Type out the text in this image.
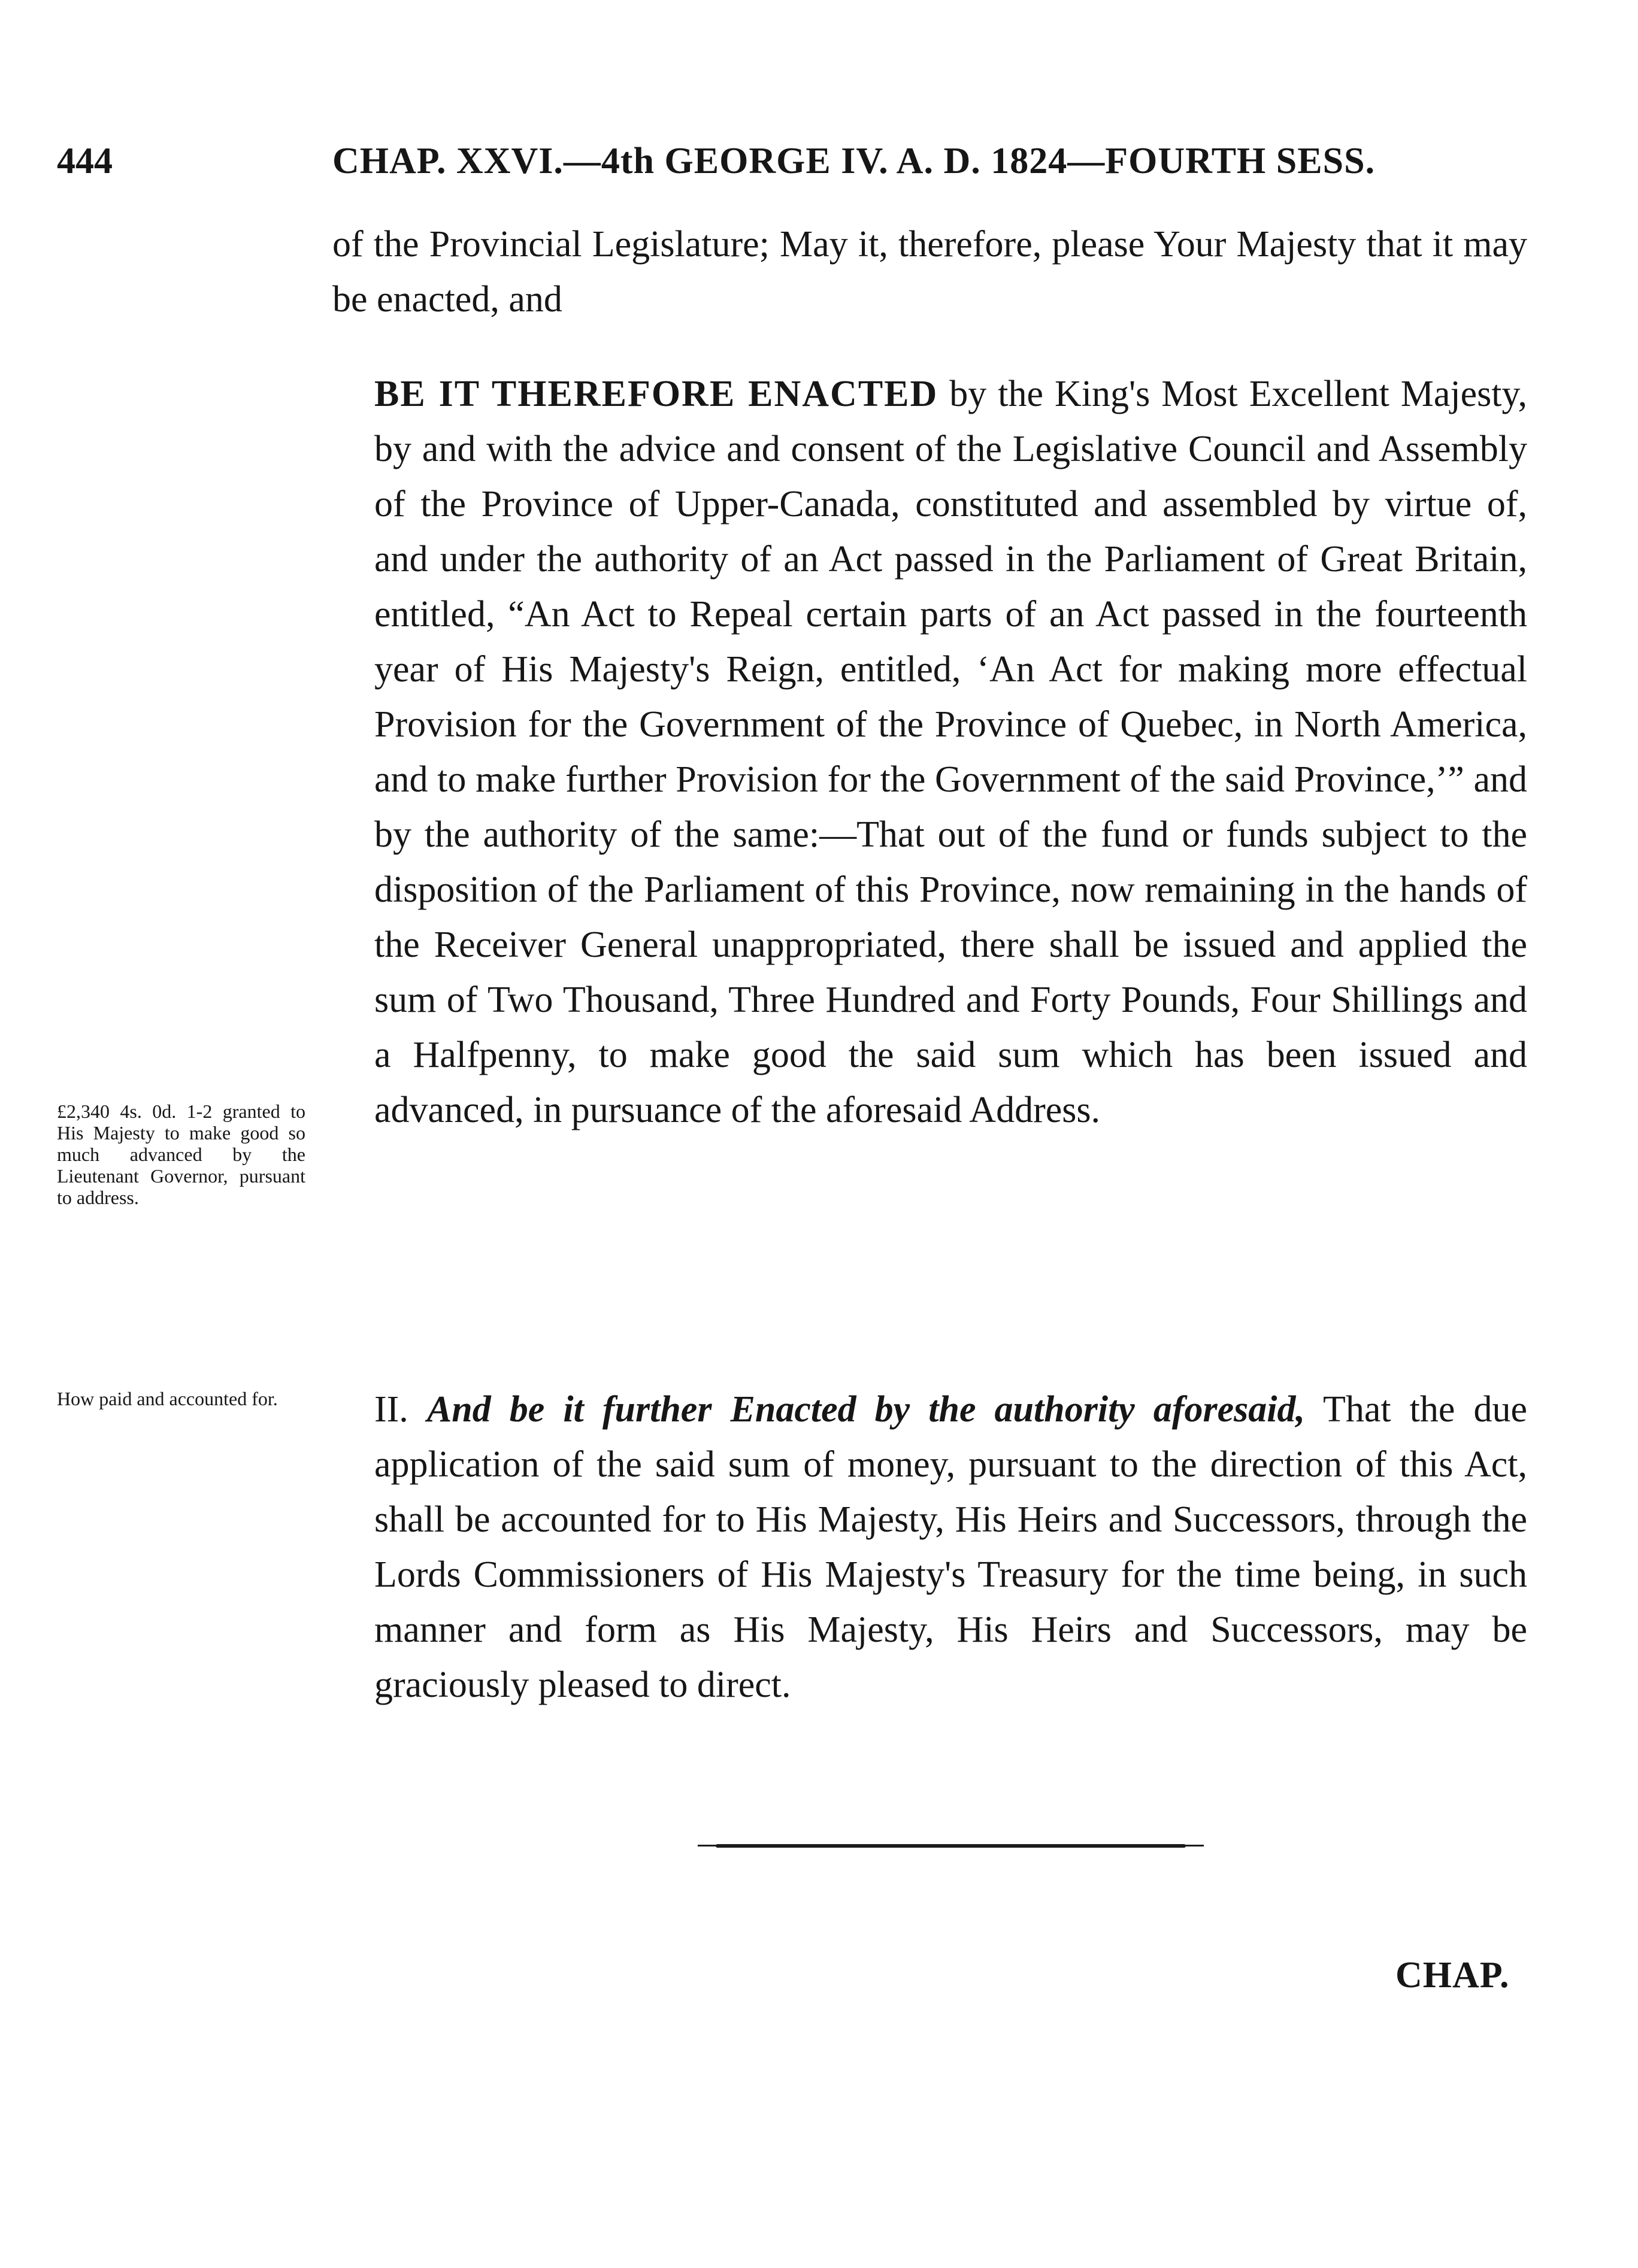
444	CHAP. XXVI.—4th GEORGE IV. A. D. 1824—FOURTH SESS.

of the Provincial Legislature; May it, therefore, please Your Majesty that it may be enacted, and

BE IT THEREFORE ENACTED by the King's Most Excellent Majesty, by and with the advice and consent of the Legislative Council and Assembly of the Province of Upper-Canada, constituted and assembled by virtue of, and under the authority of an Act passed in the Parliament of Great Britain, entitled, “An Act to Repeal certain parts of an Act passed in the fourteenth year of His Majesty's Reign, entitled, ‘An Act for making more effectual Provision for the Government of the Province of Quebec, in North America, and to make further Provision for the Government of the said Province,’” and by the authority of the same:—That out of the fund or funds subject to the disposition of the Parliament of this Province, now remaining in the hands of the Receiver General unappropriated, there shall be issued and applied the sum of Two Thousand, Three Hundred and Forty Pounds, Four Shillings and a Halfpenny, to make good the said sum which has been issued and advanced, in pursuance of the aforesaid Address.

£2,340 4s. 0d. 1-2 granted to His Majesty to make good so much advanced by the Lieutenant Governor, pursuant to address.

II. And be it further Enacted by the authority aforesaid, That the due application of the said sum of money, pursuant to the direction of this Act, shall be accounted for to His Majesty, His Heirs and Successors, through the Lords Commissioners of His Majesty's Treasury for the time being, in such manner and form as His Majesty, His Heirs and Successors, may be graciously pleased to direct.

How paid and accounted for.
CHAP.
